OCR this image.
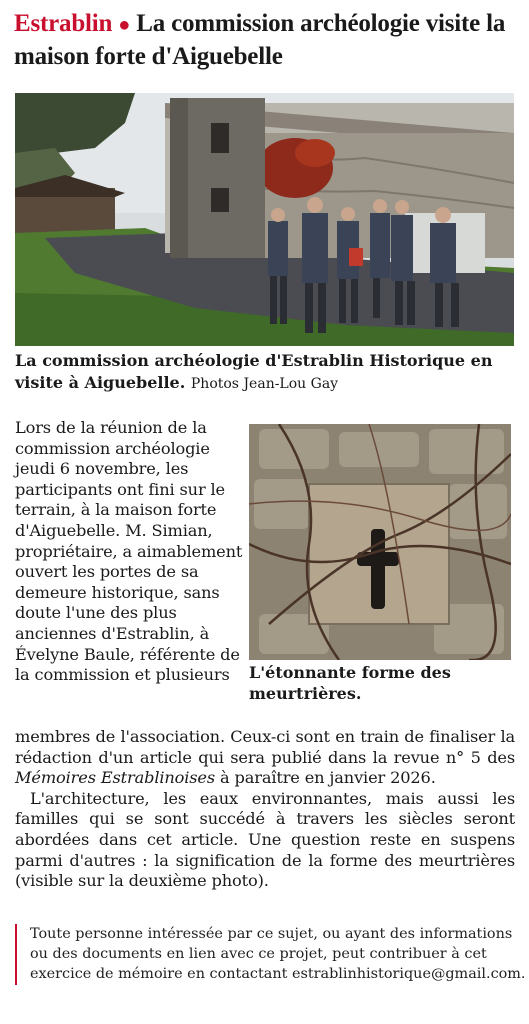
Estrablin ● La commission archéologie visite la maison forte d'Aiguebelle
La commission archéologie d'Estrablin Historique en visite à Aiguebelle. Photos Jean-Lou Gay
Lors de la réunion de la commission archéologie jeudi 6 novembre, les participants ont fini sur le terrain, à la maison forte d'Aiguebelle. M. Simian, propriétaire, a aimablement ouvert les portes de sa demeure historique, sans doute l'une des plus anciennes d'Estrablin, à Évelyne Baule, référente de la commission et plusieurs	L'étonnante forme des meurtrières.

membres de l'association. Ceux-ci sont en train de finaliser la rédaction d'un article qui sera publié dans la revue n° 5 des Mémoires Estrablinoises à paraître en janvier 2026.

L'architecture, les eaux environnantes, mais aussi les familles qui se sont succédé à travers les siècles seront abordées dans cet article. Une question reste en suspens parmi d'autres : la signification de la forme des meurtrières (visible sur la deuxième photo).

Toute personne intéressée par ce sujet, ou ayant des informations ou des documents en lien avec ce projet, peut contribuer à cet exercice de mémoire en contactant estrablinhistorique@gmail.com.
